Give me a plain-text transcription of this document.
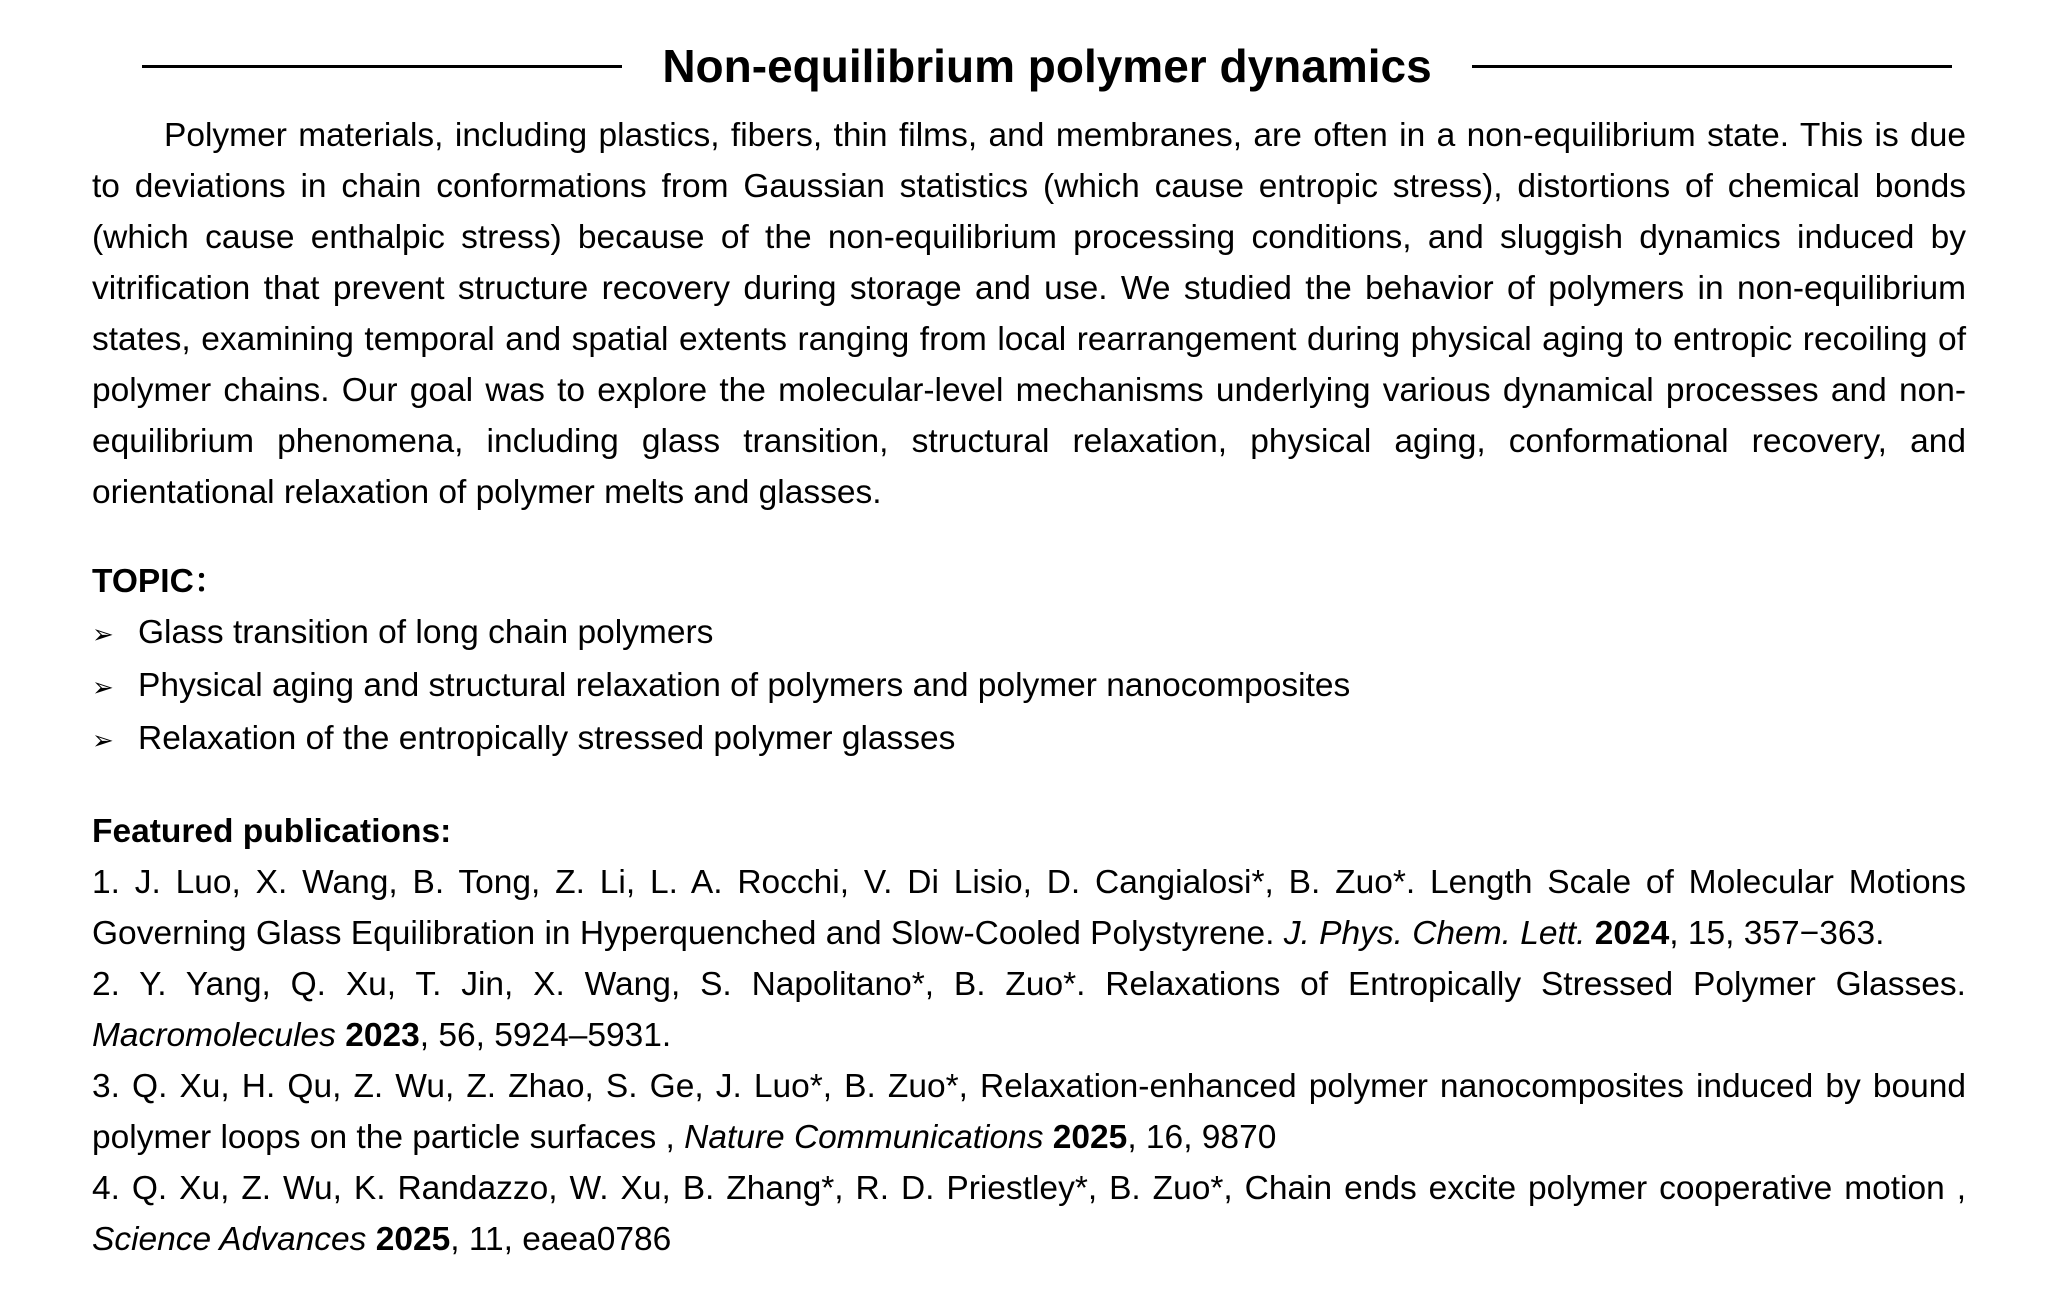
Non-equilibrium polymer dynamics

Polymer materials, including plastics, fibers, thin films, and membranes, are often in a non-equilibrium state. This is due to deviations in chain conformations from Gaussian statistics (which cause entropic stress), distortions of chemical bonds (which cause enthalpic stress) because of the non-equilibrium processing conditions, and sluggish dynamics induced by vitrification that prevent structure recovery during storage and use. We studied the behavior of polymers in non-equilibrium states, examining temporal and spatial extents ranging from local rearrangement during physical aging to entropic recoiling of polymer chains. Our goal was to explore the molecular-level mechanisms underlying various dynamical processes and non-equilibrium phenomena, including glass transition, structural relaxation, physical aging, conformational recovery, and orientational relaxation of polymer melts and glasses.

TOPIC：
➢ Glass transition of long chain polymers
➢ Physical aging and structural relaxation of polymers and polymer nanocomposites
➢ Relaxation of the entropically stressed polymer glasses
Featured publications:
1. J. Luo, X. Wang, B. Tong, Z. Li, L. A. Rocchi, V. Di Lisio, D. Cangialosi*, B. Zuo*. Length Scale of Molecular Motions Governing Glass Equilibration in Hyperquenched and Slow-Cooled Polystyrene. J. Phys. Chem. Lett. 2024, 15, 357−363.
2. Y. Yang, Q. Xu, T. Jin, X. Wang, S. Napolitano*, B. Zuo*. Relaxations of Entropically Stressed Polymer Glasses. Macromolecules 2023, 56, 5924–5931.
3. Q. Xu, H. Qu, Z. Wu, Z. Zhao, S. Ge, J. Luo*, B. Zuo*, Relaxation-enhanced polymer nanocomposites induced by bound polymer loops on the particle surfaces , Nature Communications 2025, 16, 9870
4. Q. Xu, Z. Wu, K. Randazzo, W. Xu, B. Zhang*, R. D. Priestley*, B. Zuo*, Chain ends excite polymer cooperative motion , Science Advances 2025, 11, eaea0786
